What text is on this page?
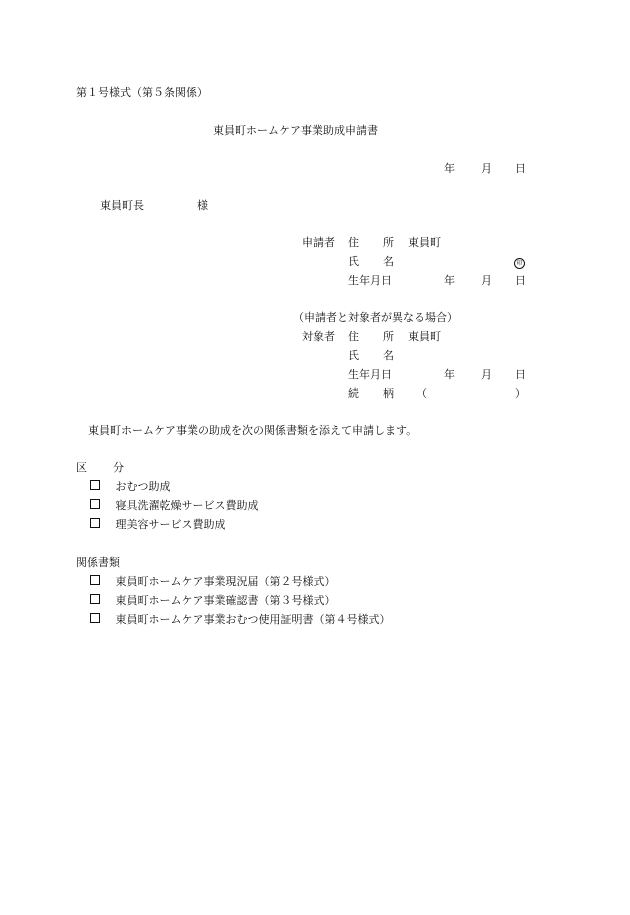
第１号様式（第５条関係）
東員町ホームケア事業助成申請書
年 月 日
東員町長	様
申請者 住 所 東員町
氏 名	印
生年月日	年 月 日
（申請者と対象者が異なる場合）
対象者 住 所 東員町
氏 名
生年月日	年 月 日
続 柄 （	）
東員町ホームケア事業の助成を次の関係書類を添えて申請します。
区 分
おむつ助成
寝具洗濯乾燥サービス費助成
理美容サービス費助成
関係書類
東員町ホームケア事業現況届（第２号様式）
東員町ホームケア事業確認書（第３号様式）
東員町ホームケア事業おむつ使用証明書（第４号様式）
